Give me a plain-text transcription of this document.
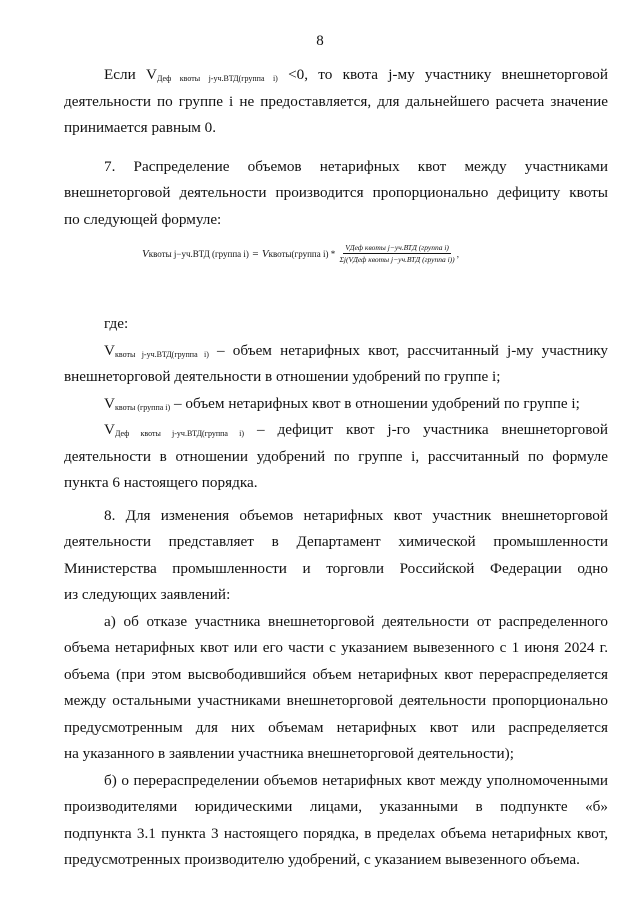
8
Если $V_{Деф квоты j-уч.ВТД(группа i)} <0$, то квота j-му участнику внешнеторговой
деятельности по группе i не предоставляется, для дальнейшего расчета значение
принимается равным 0.
7. Распределение объемов нетарифных квот между участниками
внешнеторговой деятельности производится пропорционально дефициту квоты
по следующей формуле:
V квоты j−уч.ВТД (группа i) = V квоты(группа $i) * \frac{\text{VДеф квоты j−уч.ВТД (группа i)}}{\text{Σj(VДеф квоты j−уч.ВТД (группа i))}}$ ,
где:
$V_{квоты j-уч.ВТД(группа i)}$ – объем нетарифных квот, рассчитанный j-му участнику
внешнеторговой деятельности в отношении удобрений по группе i;
$V_{квоты (группа i)}$ – объем нетарифных квот в отношении удобрений по группе i;
$V_{Деф квоты j-уч.ВТД(группа i)}$ – дефицит квот j-го участника внешнеторговой
деятельности в отношении удобрений по группе i, рассчитанный по формуле
пункта 6 настоящего порядка.
8. Для изменения объемов нетарифных квот участник внешнеторговой
деятельности представляет в Департамент химической промышленности
Министерства промышленности и торговли Российской Федерации одно
из следующих заявлений:
а) об отказе участника внешнеторговой деятельности от распределенного
объема нетарифных квот или его части с указанием вывезенного с 1 июня 2024 г.
объема (при этом высвободившийся объем нетарифных квот перераспределяется
между остальными участниками внешнеторговой деятельности пропорционально
предусмотренным для них объемам нетарифных квот или распределяется
на указанного в заявлении участника внешнеторговой деятельности);
б) о перераспределении объемов нетарифных квот между уполномоченными
производителями юридическими лицами, указанными в подпункте «б»
подпункта 3.1 пункта 3 настоящего порядка, в пределах объема нетарифных квот,
предусмотренных производителю удобрений, с указанием вывезенного объема.
